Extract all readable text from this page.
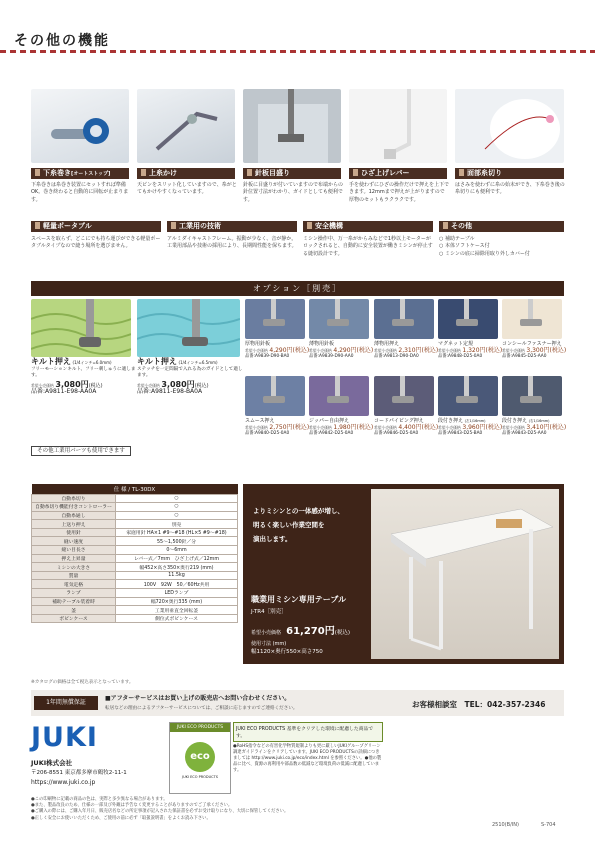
その他の機能
下糸巻き[オートストップ]	上糸かけ	針板目盛り	ひざ上げレバー	面部糸切り
下糸巻きは糸巻き装置にセットすれば準備OK。巻き終わると自動的に回転が止まります。
天ビンをスリット化していますので、糸がとてもかけやすくなっています。
針板に目盛りが付いていますので布端からの針位置寸法がわかり、ガイドとしても便利です。
手を使わずにひざの操作だけで押えを上下できます。12mmまで押えが上がりますので厚物のセットもラクラクです。
はさみを使わずに糸の始末ができ、下糸巻き後の糸切りにも便利です。
軽量ポータブル	工業用の技術	安全機構	その他
スペースを取らず、どこにでも持ち運びができる軽量ポータブルタイプなので縫う場所を選びません。
アルミダイキャストフレーム。振動が少なく、音が静か。工業用部品や技術の採用により、長期間性能を保ちます。
ミシン操作中、万一糸がからみなどで1秒以上モーターがロックされると、自動的に安全装置が働きミシンが停止する縫切設計です。
○ 補助テーブル
○ 本体ソフトケース付
○ ミシンの底に掃除用取り外しカバー付
オプション［別売］
キルト押え (1/4インチ=6.0mm)
フリーモーションキルト、フリー刺しゅうに適します。
希望小売価格 3,080円(税込)
品番:A9811-E98-AA0A
キルト押え (1/4インチ=6.5mm)
ステッチを一定間隔で入れる為のガイドとして適します。
希望小売価格 3,080円(税込)
品番:A9811-E98-BA0A
その他工業用パーツも使用できます
厚物用針板
希望小売価格 4,290円(税込)
品番:A9839-D90-BA0
薄物用針板
希望小売価格 4,290円(税込)
品番:A9839-D90-AA0
薄物用押え
希望小売価格 2,310円(税込)
品番:A9813-D90-DA0
マグネット定規
希望小売価格 1,320円(税込)
品番:A9848-D25-0A0
コンシールファスナー押え
希望小売価格 3,300円(税込)
品番:A9845-D25-AA0
スムース押え
希望小売価格 2,750円(税込)
品番:A9840-D25-0A0
ジッパー自由押え
希望小売価格 1,980円(税込)
品番:A9842-D25-0A0
コードパイピング押え
希望小売価格 4,400円(税込)
品番:A9846-D25-0A0
段付き押え (左1/16mm)
希望小売価格 3,960円(税込)
品番:A9843-D25-BA0
段付き押え (右1/16mm)
希望小売価格 3,410円(税込)
品番:A9843-D25-AA0
仕 様 / TL-30DX	
自動糸切り	○
自動糸切り機能付きコントローラー	○
自動糸通し	○
上送り押え	別売
使用針	家庭用針 HA×1 #9〜#18 (HL×5 #9〜#18)
縫い速度	55〜1,500針／分
縫い目長さ	0〜6mm
押え上昇量	レバー式／7mm　ひざ上げ式／12mm
ミシンの大きさ	幅452×高さ350×奥行219 (mm)
質量	11.5kg
電気定格	100V　92W　50／60Hz共用
ランプ	LEDランプ
補助テーブル装着時	幅720×奥行335 (mm)
釜	工業用垂直全回転釜
ボビンケース	側位式ボビンケース
よりミシンとの一体感が増し、
明るく楽しい作業空間を
演出します。
職業用ミシン専用テーブル
J-TR4［別売］
希望小売価格 61,270円(税込)
使用寸法 (mm)
幅1120×奥行550×高さ750
※カタログの価格は全て税込表示となっています。
1年間無償保証
■アフターサービスはお買い上げの販売店へお問い合わせください。
転居などの理由によるアフターサービスについては、ご相談に応じますのでご連絡ください。	お客様相談室　 TEL：042-357-2346
JUKI
JUKI株式会社
〒206-8551 東京都多摩市鶴牧2-11-1
https://www.juki.co.jp
JUKI ECO PRODUCTS
eco
JUKI ECO PRODUCTS
JUKI ECO PRODUCTS 基準をクリアした環境に配慮した商品です。
●RoHS指令などの有害化学物質規制よりも更に厳しいJUKIグループグリーン調達ガイドラインをクリアしています。JUKI ECO PRODUCTSの詳細につきましては http://www.juki.co.jp/eco/index.html を参照ください。●他の製品に比べ、資源の再利用や部品数の低減など環境負荷の低減に配慮しています。
●この印刷物に記載の商品の色は、実際と多少異なる場合があります。
●また、製品改良のため、仕様の一部及び外観は予告なく変更することがありますのでご了承ください。
●ご購入の際には、ご購入年月日、販売店名などの所定事項が記入された保証書を必ずお受け取りになり、大切に保管してください。
●正しく安全にお使いいただくため、ご使用の前に必ず「取扱説明書」をよくお読み下さい。
2510(B/IN)	S-704
